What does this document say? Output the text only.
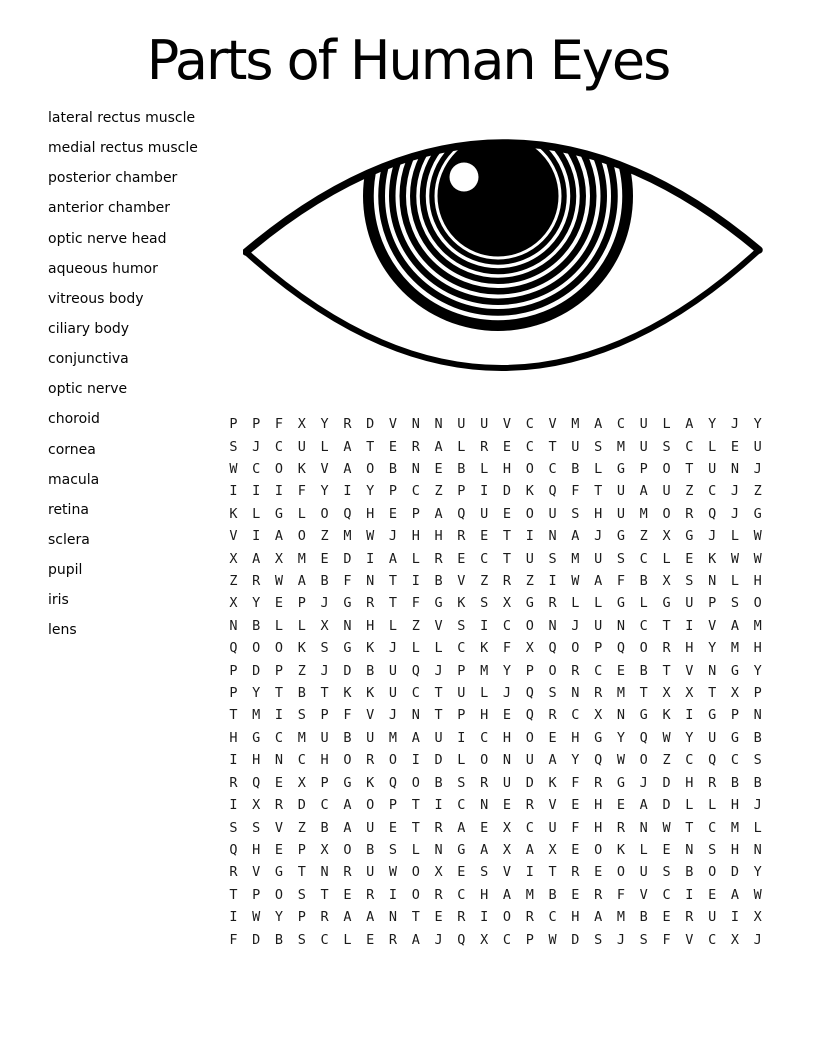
Parts of Human Eyes
lateral rectus muscle
medial rectus muscle
posterior chamber
anterior chamber
optic nerve head
aqueous humor
vitreous body
ciliary body
conjunctiva
optic nerve
choroid
cornea
macula
retina
sclera
pupil
iris
lens
P	P	F	X	Y	R	D	V	N	N	U	U	V	C	V	M	A	C	U	L	A	Y	J	Y
S	J	C	U	L	A	T	E	R	A	L	R	E	C	T	U	S	M	U	S	C	L	E	U
W	C	O	K	V	A	O	B	N	E	B	L	H	O	C	B	L	G	P	O	T	U	N	J
I	I	I	F	Y	I	Y	P	C	Z	P	I	D	K	Q	F	T	U	A	U	Z	C	J	Z
K	L	G	L	O	Q	H	E	P	A	Q	U	E	O	U	S	H	U	M	O	R	Q	J	G
V	I	A	O	Z	M	W	J	H	H	R	E	T	I	N	A	J	G	Z	X	G	J	L	W
X	A	X	M	E	D	I	A	L	R	E	C	T	U	S	M	U	S	C	L	E	K	W	W
Z	R	W	A	B	F	N	T	I	B	V	Z	R	Z	I	W	A	F	B	X	S	N	L	H
X	Y	E	P	J	G	R	T	F	G	K	S	X	G	R	L	L	G	L	G	U	P	S	O
N	B	L	L	X	N	H	L	Z	V	S	I	C	O	N	J	U	N	C	T	I	V	A	M
Q	O	O	K	S	G	K	J	L	L	C	K	F	X	Q	O	P	Q	O	R	H	Y	M	H
P	D	P	Z	J	D	B	U	Q	J	P	M	Y	P	O	R	C	E	B	T	V	N	G	Y
P	Y	T	B	T	K	K	U	C	T	U	L	J	Q	S	N	R	M	T	X	X	T	X	P
T	M	I	S	P	F	V	J	N	T	P	H	E	Q	R	C	X	N	G	K	I	G	P	N
H	G	C	M	U	B	U	M	A	U	I	C	H	O	E	H	G	Y	Q	W	Y	U	G	B
I	H	N	C	H	O	R	O	I	D	L	O	N	U	A	Y	Q	W	O	Z	C	Q	C	S
R	Q	E	X	P	G	K	Q	O	B	S	R	U	D	K	F	R	G	J	D	H	R	B	B
I	X	R	D	C	A	O	P	T	I	C	N	E	R	V	E	H	E	A	D	L	L	H	J
S	S	V	Z	B	A	U	E	T	R	A	E	X	C	U	F	H	R	N	W	T	C	M	L
Q	H	E	P	X	O	B	S	L	N	G	A	X	A	X	E	O	K	L	E	N	S	H	N
R	V	G	T	N	R	U	W	O	X	E	S	V	I	T	R	E	O	U	S	B	O	D	Y
T	P	O	S	T	E	R	I	O	R	C	H	A	M	B	E	R	F	V	C	I	E	A	W
I	W	Y	P	R	A	A	N	T	E	R	I	O	R	C	H	A	M	B	E	R	U	I	X
F	D	B	S	C	L	E	R	A	J	Q	X	C	P	W	D	S	J	S	F	V	C	X	J
